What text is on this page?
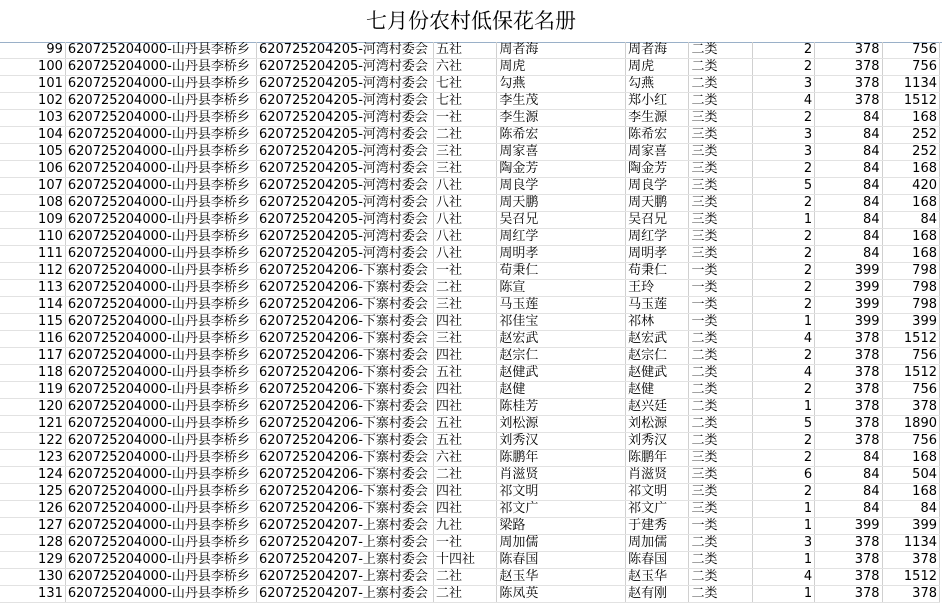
七月份农村低保花名册
99	620725204000-山丹县李桥乡	620725204205-河湾村委会	五社	周者海	周者海	二类	2	378	756
100	620725204000-山丹县李桥乡	620725204205-河湾村委会	六社	周虎	周虎	二类	2	378	756
101	620725204000-山丹县李桥乡	620725204205-河湾村委会	七社	勾燕	勾燕	二类	3	378	1134
102	620725204000-山丹县李桥乡	620725204205-河湾村委会	七社	李生茂	郑小红	二类	4	378	1512
103	620725204000-山丹县李桥乡	620725204205-河湾村委会	一社	李生源	李生源	三类	2	84	168
104	620725204000-山丹县李桥乡	620725204205-河湾村委会	二社	陈希宏	陈希宏	三类	3	84	252
105	620725204000-山丹县李桥乡	620725204205-河湾村委会	三社	周家喜	周家喜	三类	3	84	252
106	620725204000-山丹县李桥乡	620725204205-河湾村委会	三社	陶金芳	陶金芳	三类	2	84	168
107	620725204000-山丹县李桥乡	620725204205-河湾村委会	八社	周良学	周良学	三类	5	84	420
108	620725204000-山丹县李桥乡	620725204205-河湾村委会	八社	周天鹏	周天鹏	三类	2	84	168
109	620725204000-山丹县李桥乡	620725204205-河湾村委会	八社	吴召兄	吴召兄	三类	1	84	84
110	620725204000-山丹县李桥乡	620725204205-河湾村委会	八社	周红学	周红学	三类	2	84	168
111	620725204000-山丹县李桥乡	620725204205-河湾村委会	八社	周明孝	周明孝	三类	2	84	168
112	620725204000-山丹县李桥乡	620725204206-下寨村委会	一社	苟秉仁	苟秉仁	一类	2	399	798
113	620725204000-山丹县李桥乡	620725204206-下寨村委会	二社	陈宣	王玲	一类	2	399	798
114	620725204000-山丹县李桥乡	620725204206-下寨村委会	三社	马玉莲	马玉莲	一类	2	399	798
115	620725204000-山丹县李桥乡	620725204206-下寨村委会	四社	祁佳宝	祁林	一类	1	399	399
116	620725204000-山丹县李桥乡	620725204206-下寨村委会	三社	赵宏武	赵宏武	二类	4	378	1512
117	620725204000-山丹县李桥乡	620725204206-下寨村委会	四社	赵宗仁	赵宗仁	二类	2	378	756
118	620725204000-山丹县李桥乡	620725204206-下寨村委会	五社	赵健武	赵健武	二类	4	378	1512
119	620725204000-山丹县李桥乡	620725204206-下寨村委会	四社	赵健	赵健	二类	2	378	756
120	620725204000-山丹县李桥乡	620725204206-下寨村委会	四社	陈桂芳	赵兴廷	二类	1	378	378
121	620725204000-山丹县李桥乡	620725204206-下寨村委会	五社	刘松源	刘松源	二类	5	378	1890
122	620725204000-山丹县李桥乡	620725204206-下寨村委会	五社	刘秀汉	刘秀汉	二类	2	378	756
123	620725204000-山丹县李桥乡	620725204206-下寨村委会	六社	陈鹏年	陈鹏年	三类	2	84	168
124	620725204000-山丹县李桥乡	620725204206-下寨村委会	二社	肖滋贤	肖滋贤	三类	6	84	504
125	620725204000-山丹县李桥乡	620725204206-下寨村委会	四社	祁文明	祁文明	三类	2	84	168
126	620725204000-山丹县李桥乡	620725204206-下寨村委会	四社	祁文广	祁文广	三类	1	84	84
127	620725204000-山丹县李桥乡	620725204207-上寨村委会	九社	梁路	于建秀	一类	1	399	399
128	620725204000-山丹县李桥乡	620725204207-上寨村委会	一社	周加儒	周加儒	二类	3	378	1134
129	620725204000-山丹县李桥乡	620725204207-上寨村委会	十四社	陈春国	陈春国	二类	1	378	378
130	620725204000-山丹县李桥乡	620725204207-上寨村委会	二社	赵玉华	赵玉华	二类	4	378	1512
131	620725204000-山丹县李桥乡	620725204207-上寨村委会	二社	陈凤英	赵有刚	二类	1	378	378
